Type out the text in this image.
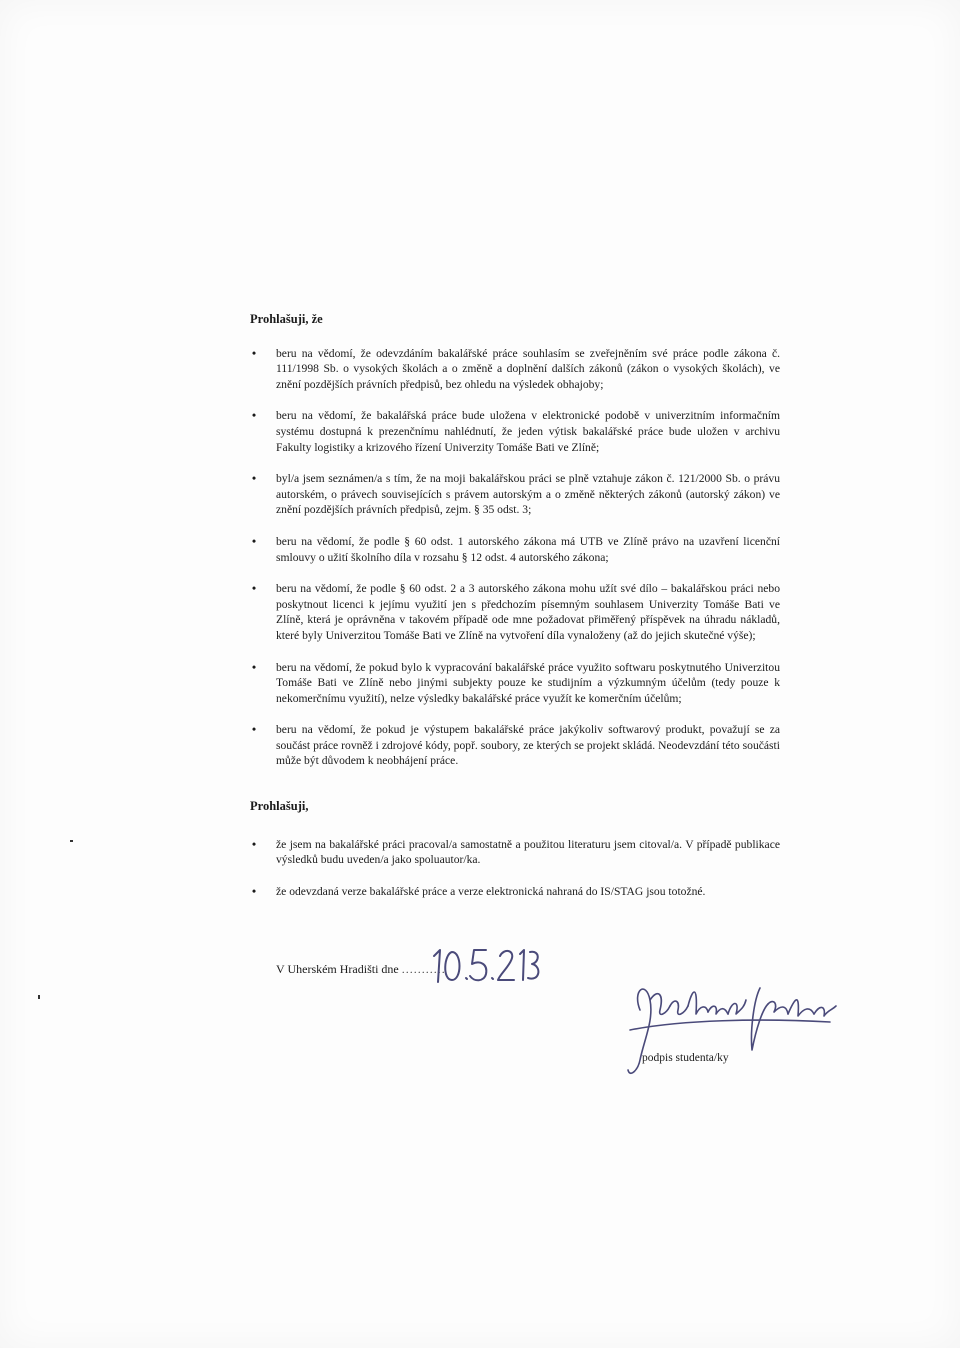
Prohlašuji, že
• beru na vědomí, že odevzdáním bakalářské práce souhlasím se zveřejněním své práce podle zákona č. 111/1998 Sb. o vysokých školách a o změně a doplnění dalších zákonů (zákon o vysokých školách), ve znění pozdějších právních předpisů, bez ohledu na výsledek obhajoby;
• beru na vědomí, že bakalářská práce bude uložena v elektronické podobě v univerzitním informačním systému dostupná k prezenčnímu nahlédnutí, že jeden výtisk bakalářské práce bude uložen v archivu Fakulty logistiky a krizového řízení Univerzity Tomáše Bati ve Zlíně;
• byl/a jsem seznámen/a s tím, že na moji bakalářskou práci se plně vztahuje zákon č. 121/2000 Sb. o právu autorském, o právech souvisejících s právem autorským a o změně některých zákonů (autorský zákon) ve znění pozdějších právních předpisů, zejm. § 35 odst. 3;
• beru na vědomí, že podle § 60 odst. 1 autorského zákona má UTB ve Zlíně právo na uzavření licenční smlouvy o užití školního díla v rozsahu § 12 odst. 4 autorského zákona;
• beru na vědomí, že podle § 60 odst. 2 a 3 autorského zákona mohu užít své dílo – bakalářskou práci nebo poskytnout licenci k jejímu využití jen s předchozím písemným souhlasem Univerzity Tomáše Bati ve Zlíně, která je oprávněna v takovém případě ode mne požadovat přiměřený příspěvek na úhradu nákladů, které byly Univerzitou Tomáše Bati ve Zlíně na vytvoření díla vynaloženy (až do jejich skutečné výše);
• beru na vědomí, že pokud bylo k vypracování bakalářské práce využito softwaru poskytnutého Univerzitou Tomáše Bati ve Zlíně nebo jinými subjekty pouze ke studijním a výzkumným účelům (tedy pouze k nekomerčnímu využití), nelze výsledky bakalářské práce využít ke komerčním účelům;
• beru na vědomí, že pokud je výstupem bakalářské práce jakýkoliv softwarový produkt, považují se za součást práce rovněž i zdrojové kódy, popř. soubory, ze kterých se projekt skládá. Neodevzdání této součásti může být důvodem k neobhájení práce.
Prohlašuji,
• že jsem na bakalářské práci pracoval/a samostatně a použitou literaturu jsem citoval/a. V případě publikace výsledků budu uveden/a jako spoluautor/ka.
• že odevzdaná verze bakalářské práce a verze elektronická nahraná do IS/STAG jsou totožné.
V Uherském Hradišti dne ...........
podpis studenta/ky
